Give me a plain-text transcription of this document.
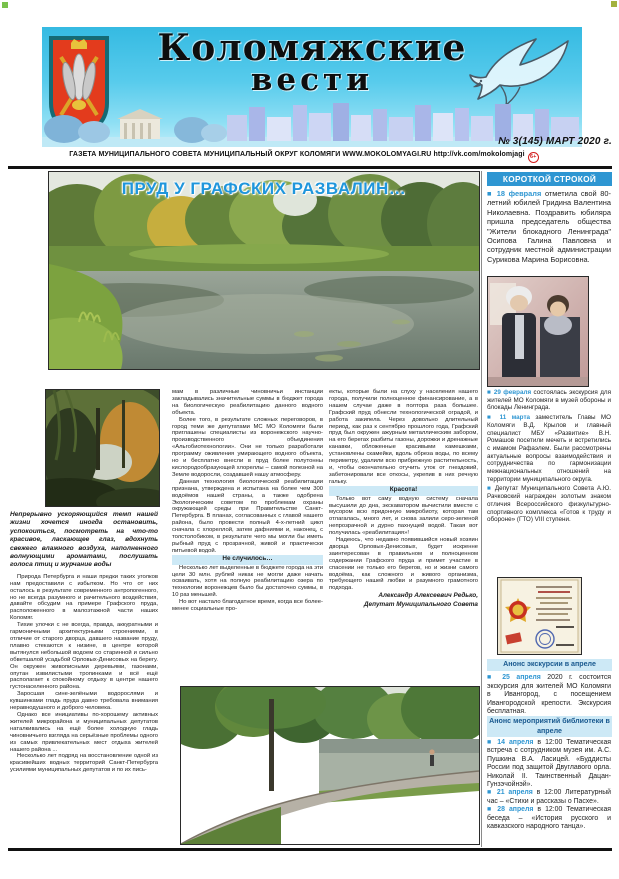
Коломяжские
вести
№ 3(145) МАРТ 2020 г.
ГАЗЕТА МУНИЦИПАЛЬНОГО СОВЕТА МУНИЦИПАЛЬНЫЙ ОКРУГ КОЛОМЯГИ WWW.MOKOLOMYAGI.RU http://vk.com/mokolomjagi 6+
ПРУД У ГРАФСКИХ РАЗВАЛИН…

Непрерывно ускоряющийся темп нашей жизни хочется иногда остановить, успокоиться, посмотреть на что-то красивое, ласкающее глаз, вдохнуть свежего влажного воздуха, наполненного волнующими ароматами, послушать голоса птиц и журчание воды

Природа Петербурга и наши предки таких уголков нам предоставили с избытком. Но что от них осталось в результате современного антропогенного, но не всегда разумного и рачительного воздействия, давайте обсудим на примере Графского пруда, расположенного в малоэтажной части наших Коломяг.

Тихие улочки с не всегда, правда, аккуратными и гармоничными архитектурными строениями, в отличие от старого дворца, давшего название пруду, плавно стекаются к низине, в центре которой вытянулся небольшой водоем со старинной и сильно обветшалой усадьбой Орловых-Денисовых на берегу. Он окружен живописными деревьями, газонами, опутан извилистыми тропинками и всё ещё располагает к спокойному отдыху в центре нашего густонаселенного района.

Заросшая сине-зелёными водорослями и кувшинками гладь пруда давно требовала внимания неравнодушного и доброго человека.

Однако все инициативы по-хорошему активных жителей микрорайона и муниципальных депутатов наталкивались на ещё более холодную гладь чиновничьего взгляда на серьёзные проблемы одного из самых привлекательных мест отдыха жителей нашего района ...

Несколько лет подряд на восстановление одной из красивейших водных территорий Санкт-Петербурга усилиями муниципальных депутатов и по их пись-

мам в различные чиновничьи инстанции закладывались значительные суммы в бюджет города на биологическую реабилитацию данного водного объекта.

Более того, в результате сложных переговоров, в город теми же депутатами МС МО Коломяги были приглашены специалисты из воронежского научно-производственного объединения «Альгобиотехнологии». Они не только разработали программу оживления умирающего водного объекта, но и бесплатно внесли в пруд более полутонны кислородообразующей хлореллы – самой полезной на Земле водоросли, создавшей нашу атмосферу.

Данная технология биологической реабилитации признана, утверждена и испытана на более чем 300 водоёмов нашей страны, а также одобрена Экологическим советом по проблемам охраны окружающей среды при Правительстве Санкт-Петербурга. В планах, согласованных с главой нашего района, было провести полный 4-х-летний цикл сначала с хлореллой, затем дафниями и, наконец, с толстолобиком, в результате чего мы могли бы иметь рыбный пруд с прозрачной, живой и практически питьевой водой.

Не случилось…

Несколько лет выделенные в бюджете города на эти цели 30 млн. рублей никак не могли даже начать осваивать, хотя на полную реабилитацию озера по технологии воронежцев было бы достаточно суммы, в 10 раз меньшей.

Но вот настало благодатное время, когда все более-менее социальные про-

екты, которые были на слуху у населения нашего города, получили полноценное финансирование, а в нашем случае даже в полтора раза большее. Графский пруд обнесли технологической оградой, и работа закипела. Через довольно длительный период, как раз к сентябрю прошлого года, Графский пруд был окружен ажурным металлическим забором, на его берегах разбиты газоны, дорожки и дренажные канавки, обложенные красивыми камешками, установлены скамейки, вдоль обреза воды, по всему периметру, удалили всю прибрежную растительность, и, чтобы окончательно отучить уток от гнездовий, забетонировали все откосы, укрепив в них речную гальку.

Красота!

Только вот саму водную систему сначала высушили до дна, экскаватором вычистили вместе с мусором всю придонную микробиоту, которая там отлагалась, много лет, и снова залили серо-зеленой непрозрачной и дурно пахнущей водой. Такая вот получилась «реабилитация»!

Надеюсь, что недавно появившийся новый хозяин дворца Орловых-Денисовых, будет искренне заинтересован в правильном и полноценном содержании Графского пруда и примет участие в спасении не только его берегов, но и жизни самого водоёма, как сложного и живого организма, требующего нашей любви и разумного грамотного подхода.

Александр Алексеевич Редько,
Депутат Муниципального Совета

КОРОТКОЙ СТРОКОЙ
■ 18 февраля отметила свой 80-летний юбилей Гридина Валентина Николаевна. Поздравить юбиляра пришла председатель общества "Жители блокадного Ленинграда" Осипова Галина Павловна и сотрудник местной администрации Сурикова Марина Борисовна.

■ 29 февраля состоялась экскурсия для жителей МО Коломяги в музей обороны и блокады Ленинграда.

■ 11 марта заместитель Главы МО Коломяги В.Д. Крылов и главный специалист МБУ «Развитие» В.Н. Ромашов посетили мечеть и встретились с имамом Рафаэлем. Были рассмотрены актуальные вопросы взаимодействия и сотрудничества по гармонизации межнациональных отношений на территории муниципального округа.

■ Депутат Муниципального Совета А.Ю. Рачковский награжден золотым знаком отличия Всероссийского физкультурно-спортивного комплекса «Готов к труду и обороне» (ГТО) VIII ступени.

Анонс экскурсии в апреле
■ 25 апреля 2020 г. состоится экскурсия для жителей МО Коломяги в Ивангород, с посещением Ивангородской крепости. Экскурсия бесплатная.
Анонс мероприятий библиотеки в апреле

■ 14 апреля в 12:00 Тематическая встреча с сотрудником музея им. А.С. Пушкина В.А. Ласицей. «Буддисты России под защитой Двуглавого орла. Николай II. Таинственный Дацан-Гунзэчойнэй».

■ 21 апреля в 12:00 Литературный час – «Стихи и рассказы о Пасхе».

■ 28 апреля в 12:00 Тематическая беседа – «История русского и кавказского народного танца».
